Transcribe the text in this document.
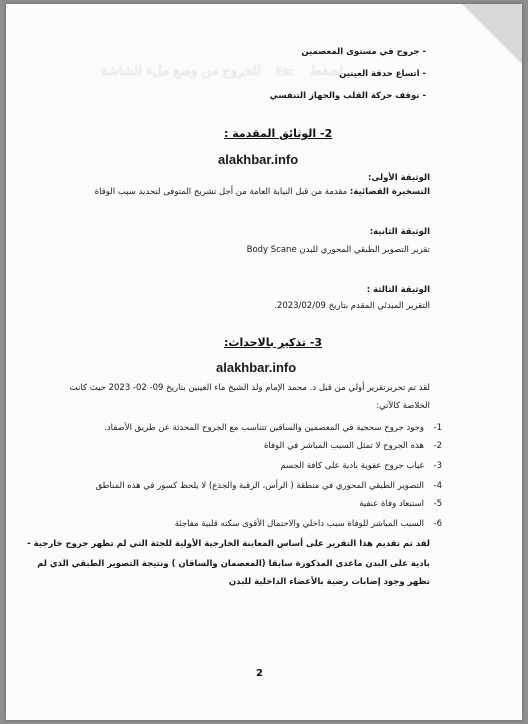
- جروح في مستوى المعصمين
- اتساع حدقة العينين
- توقف حركة القلب والجهاز التنفسي
اضغط
Esc
للخروج من وضع ملء الشاشة
2- الوثائق المقدمة :
alakhbar.info
الوثيقة الأولى:
التسخيرة القضائية: مقدمة من قبل النيابة العامة من أجل تشريح المتوفى لتحديد سبب الوفاة
الوثيقة الثانية:
تقرير التصوير الطبقي المحوري للبدن Body Scane
الوثيقة الثالثة :
التقرير المبدئي المقدم بتاريخ 2023/02/09.
3- تذكير بالاحداث:
alakhbar.info
لقد تم تحريرتقرير أولي من قبل د. محمد الإمام ولد الشيخ ماء العينين بتاريخ 09- 02- 2023 حيث كانت
الخلاصة كالآتي:
1-
وجود جروح سحجية في المعصمين والساقين تتناسب مع الجروح المحدثة عن طريق الأصفاد.
2-
هذه الجروح لا تمثل السبب المباشر في الوفاة
3-
غياب جروح عفوية بادية على كافة الجسم
4-
التصوير الطبقي المحوري في منطقة ( الرأس، الرقبة والجذع) لا يلحظ كسور في هذه المناطق
5-
استبعاد وفاة عنفية
6-
السبب المباشر للوفاة سبب داخلي والاحتمال الأقوى سكته قلبية مفاجئة
لقد تم تقديم هذا التقرير على أساس المعاينة الخارجية الأولية للجثة التي لم تظهر جروح خارجية -
بادية على البدن ماعدى المذكورة سابقا (المعصمان والساقان ) ونتيجة التصوير الطبقي الذي لم
تظهر وجود إصابات رضية بالأعضاء الداخلية للبدن
2
